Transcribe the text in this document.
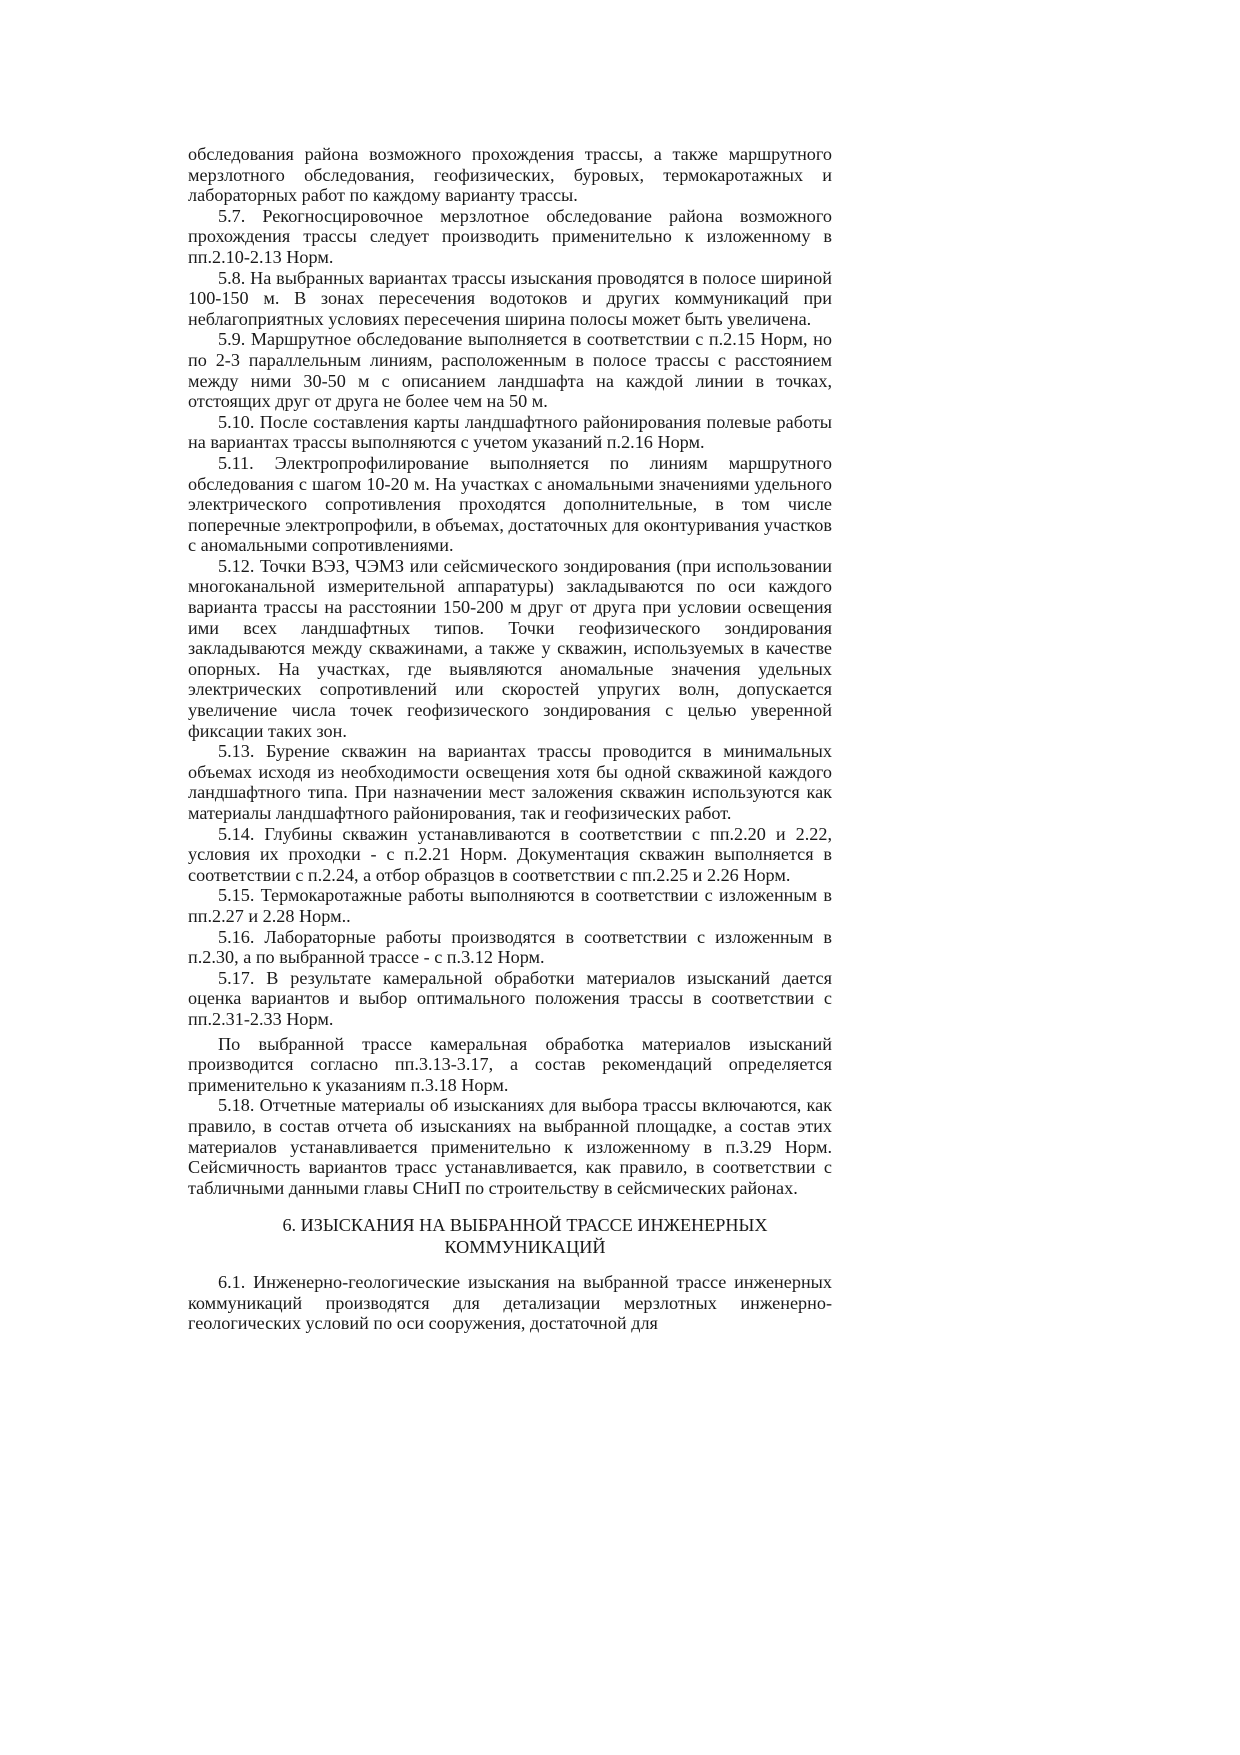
обследования района возможного прохождения трассы, а также маршрутного мерзлотного обследования, геофизических, буровых, термокаротажных и лабораторных работ по каждому варианту трассы.

5.7. Рекогносцировочное мерзлотное обследование района возможного прохождения трассы следует производить применительно к изложенному в пп.2.10-2.13 Норм.

5.8. На выбранных вариантах трассы изыскания проводятся в полосе шириной 100-150 м. В зонах пересечения водотоков и других коммуникаций при неблагоприятных условиях пересечения ширина полосы может быть увеличена.

5.9. Маршрутное обследование выполняется в соответствии с п.2.15 Норм, но по 2-3 параллельным линиям, расположенным в полосе трассы с расстоянием между ними 30-50 м с описанием ландшафта на каждой линии в точках, отстоящих друг от друга не более чем на 50 м.

5.10. После составления карты ландшафтного районирования полевые работы на вариантах трассы выполняются с учетом указаний п.2.16 Норм.

5.11. Электропрофилирование выполняется по линиям маршрутного обследования с шагом 10-20 м. На участках с аномальными значениями удельного электрического сопротивления проходятся дополнительные, в том числе поперечные электропрофили, в объемах, достаточных для оконтуривания участков с аномальными сопротивлениями.

5.12. Точки ВЭЗ, ЧЭМЗ или сейсмического зондирования (при использовании многоканальной измерительной аппаратуры) закладываются по оси каждого варианта трассы на расстоянии 150-200 м друг от друга при условии освещения ими всех ландшафтных типов. Точки геофизического зондирования закладываются между скважинами, а также у скважин, используемых в качестве опорных. На участках, где выявляются аномальные значения удельных электрических сопротивлений или скоростей упругих волн, допускается увеличение числа точек геофизического зондирования с целью уверенной фиксации таких зон.

5.13. Бурение скважин на вариантах трассы проводится в минимальных объемах исходя из необходимости освещения хотя бы одной скважиной каждого ландшафтного типа. При назначении мест заложения скважин используются как материалы ландшафтного районирования, так и геофизических работ.

5.14. Глубины скважин устанавливаются в соответствии с пп.2.20 и 2.22, условия их проходки - с п.2.21 Норм. Документация скважин выполняется в соответствии с п.2.24, а отбор образцов в соответствии с пп.2.25 и 2.26 Норм.

5.15. Термокаротажные работы выполняются в соответствии с изложенным в пп.2.27 и 2.28 Норм..

5.16. Лабораторные работы производятся в соответствии с изложенным в п.2.30, а по выбранной трассе - с п.3.12 Норм.

5.17. В результате камеральной обработки материалов изысканий дается оценка вариантов и выбор оптимального положения трассы в соответствии с пп.2.31-2.33 Норм.

По выбранной трассе камеральная обработка материалов изысканий производится согласно пп.3.13-3.17, а состав рекомендаций определяется применительно к указаниям п.3.18 Норм.

5.18. Отчетные материалы об изысканиях для выбора трассы включаются, как правило, в состав отчета об изысканиях на выбранной площадке, а состав этих материалов устанавливается применительно к изложенному в п.3.29 Норм. Сейсмичность вариантов трасс устанавливается, как правило, в соответствии с табличными данными главы СНиП по строительству в сейсмических районах.

6. ИЗЫСКАНИЯ НА ВЫБРАННОЙ ТРАССЕ ИНЖЕНЕРНЫХ
КОММУНИКАЦИЙ

6.1. Инженерно-геологические изыскания на выбранной трассе инженерных коммуникаций производятся для детализации мерзлотных инженерно-геологических условий по оси сооружения, достаточной для
